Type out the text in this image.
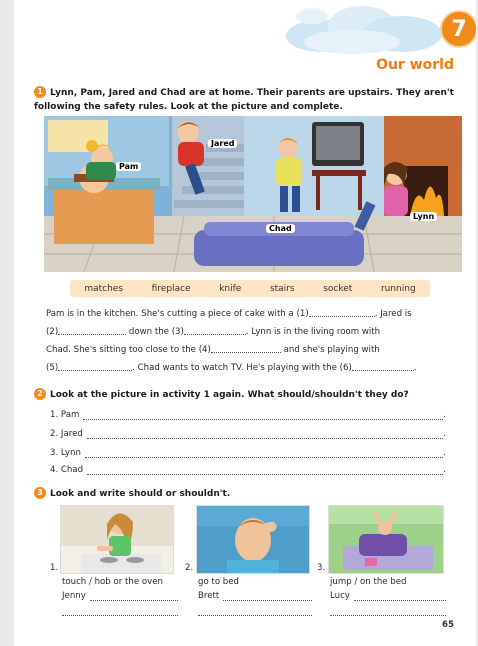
7
Our world
1 Lynn, Pam, Jared and Chad are at home. Their parents are upstairs. They aren't
following the safety rules. Look at the picture and complete.
Pam
Jared
Chad
Lynn
matches	fireplace	knife	stairs	socket	running
Pam is in the kitchen. She's cutting a piece of cake with a (1)	. Jared is
(2)	down the (3)	. Lynn is in the living room with
Chad. She's sitting too close to the (4)	and she's playing with
(5)	. Chad wants to watch TV. He's playing with the (6)	.
2 Look at the picture in activity 1 again. What should/shouldn't they do?
1. Pam	.
2. Jared	.
3. Lynn	.
4. Chad	.
3 Look and write should or shouldn't.
1.	2.	3.
touch / hob or the oven	go to bed	jump / on the bed
Jenny	Brett	Lucy
65
